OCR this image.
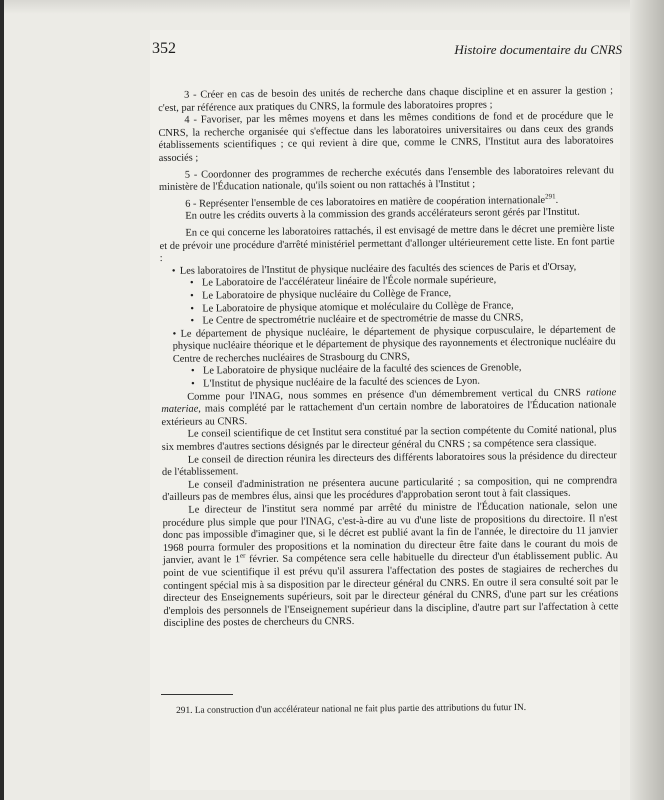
352	Histoire documentaire du CNRS

3 - Créer en cas de besoin des unités de recherche dans chaque discipline et en assurer la gestion ; c'est, par référence aux pratiques du CNRS, la formule des laboratoires propres ;

4 - Favoriser, par les mêmes moyens et dans les mêmes conditions de fond et de procédure que le CNRS, la recherche organisée qui s'effectue dans les laboratoires universitaires ou dans ceux des grands établissements scientifiques ; ce qui revient à dire que, comme le CNRS, l'Institut aura des laboratoires associés ;

5 - Coordonner des programmes de recherche exécutés dans l'ensemble des laboratoires relevant du ministère de l'Éducation nationale, qu'ils soient ou non rattachés à l'Institut ;

6 - Représenter l'ensemble de ces laboratoires en matière de coopération internationale$^{291}$.

En outre les crédits ouverts à la commission des grands accélérateurs seront gérés par l'Institut.

En ce qui concerne les laboratoires rattachés, il est envisagé de mettre dans le décret une première liste et de prévoir une procédure d'arrêté ministériel permettant d'allonger ultérieurement cette liste. En font partie :

• Les laboratoires de l'Institut de physique nucléaire des facultés des sciences de Paris et d'Orsay,

• Le Laboratoire de l'accélérateur linéaire de l'École normale supérieure,

• Le Laboratoire de physique nucléaire du Collège de France,

• Le Laboratoire de physique atomique et moléculaire du Collège de France,

• Le Centre de spectrométrie nucléaire et de spectrométrie de masse du CNRS,

• Le département de physique nucléaire, le département de physique corpusculaire, le département de physique nucléaire théorique et le département de physique des rayonnements et électronique nucléaire du Centre de recherches nucléaires de Strasbourg du CNRS,

• Le Laboratoire de physique nucléaire de la faculté des sciences de Grenoble,

• L'Institut de physique nucléaire de la faculté des sciences de Lyon.

Comme pour l'INAG, nous sommes en présence d'un démembrement vertical du CNRS ratione materiae, mais complété par le rattachement d'un certain nombre de laboratoires de l'Éducation nationale extérieurs au CNRS.

Le conseil scientifique de cet Institut sera constitué par la section compétente du Comité national, plus six membres d'autres sections désignés par le directeur général du CNRS ; sa compétence sera classique.

Le conseil de direction réunira les directeurs des différents laboratoires sous la présidence du directeur de l'établissement.

Le conseil d'administration ne présentera aucune particularité ; sa composition, qui ne comprendra d'ailleurs pas de membres élus, ainsi que les procédures d'approbation seront tout à fait classiques.

Le directeur de l'institut sera nommé par arrêté du ministre de l'Éducation nationale, selon une procédure plus simple que pour l'INAG, c'est-à-dire au vu d'une liste de propositions du directoire. Il n'est donc pas impossible d'imaginer que, si le décret est publié avant la fin de l'année, le directoire du 11 janvier 1968 pourra formuler des propositions et la nomination du directeur être faite dans le courant du mois de janvier, avant le 1er février. Sa compétence sera celle habituelle du directeur d'un établissement public. Au point de vue scientifique il est prévu qu'il assurera l'affectation des postes de stagiaires de recherches du contingent spécial mis à sa disposition par le directeur général du CNRS. En outre il sera consulté soit par le directeur des Enseignements supérieurs, soit par le directeur général du CNRS, d'une part sur les créations d'emplois des personnels de l'Enseignement supérieur dans la discipline, d'autre part sur l'affectation à cette discipline des postes de chercheurs du CNRS.

291. La construction d'un accélérateur national ne fait plus partie des attributions du futur IN.
